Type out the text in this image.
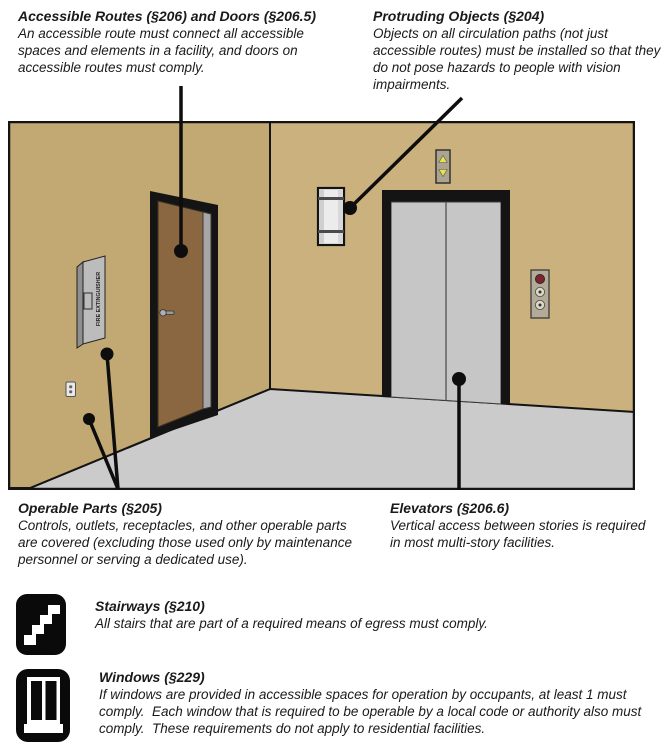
Accessible Routes (§206) and Doors (§206.5)
An accessible route must connect all accessible spaces and elements in a facility, and doors on accessible routes must comply.
Protruding Objects (§204)
Objects on all circulation paths (not just accessible routes) must be installed so that they do not pose hazards to people with vision impairments.
FIRE EXTINGUISHER
Operable Parts (§205)
Controls, outlets, receptacles, and other operable parts are covered (excluding those used only by maintenance personnel or serving a dedicated use).
Elevators (§206.6)
Vertical access between stories is required in most multi-story facilities.
Stairways (§210)
All stairs that are part of a required means of egress must comply.
Windows (§229)
If windows are provided in accessible spaces for operation by occupants, at least 1 must comply.  Each window that is required to be operable by a local code or authority also must comply.  These requirements do not apply to residential facilities.
